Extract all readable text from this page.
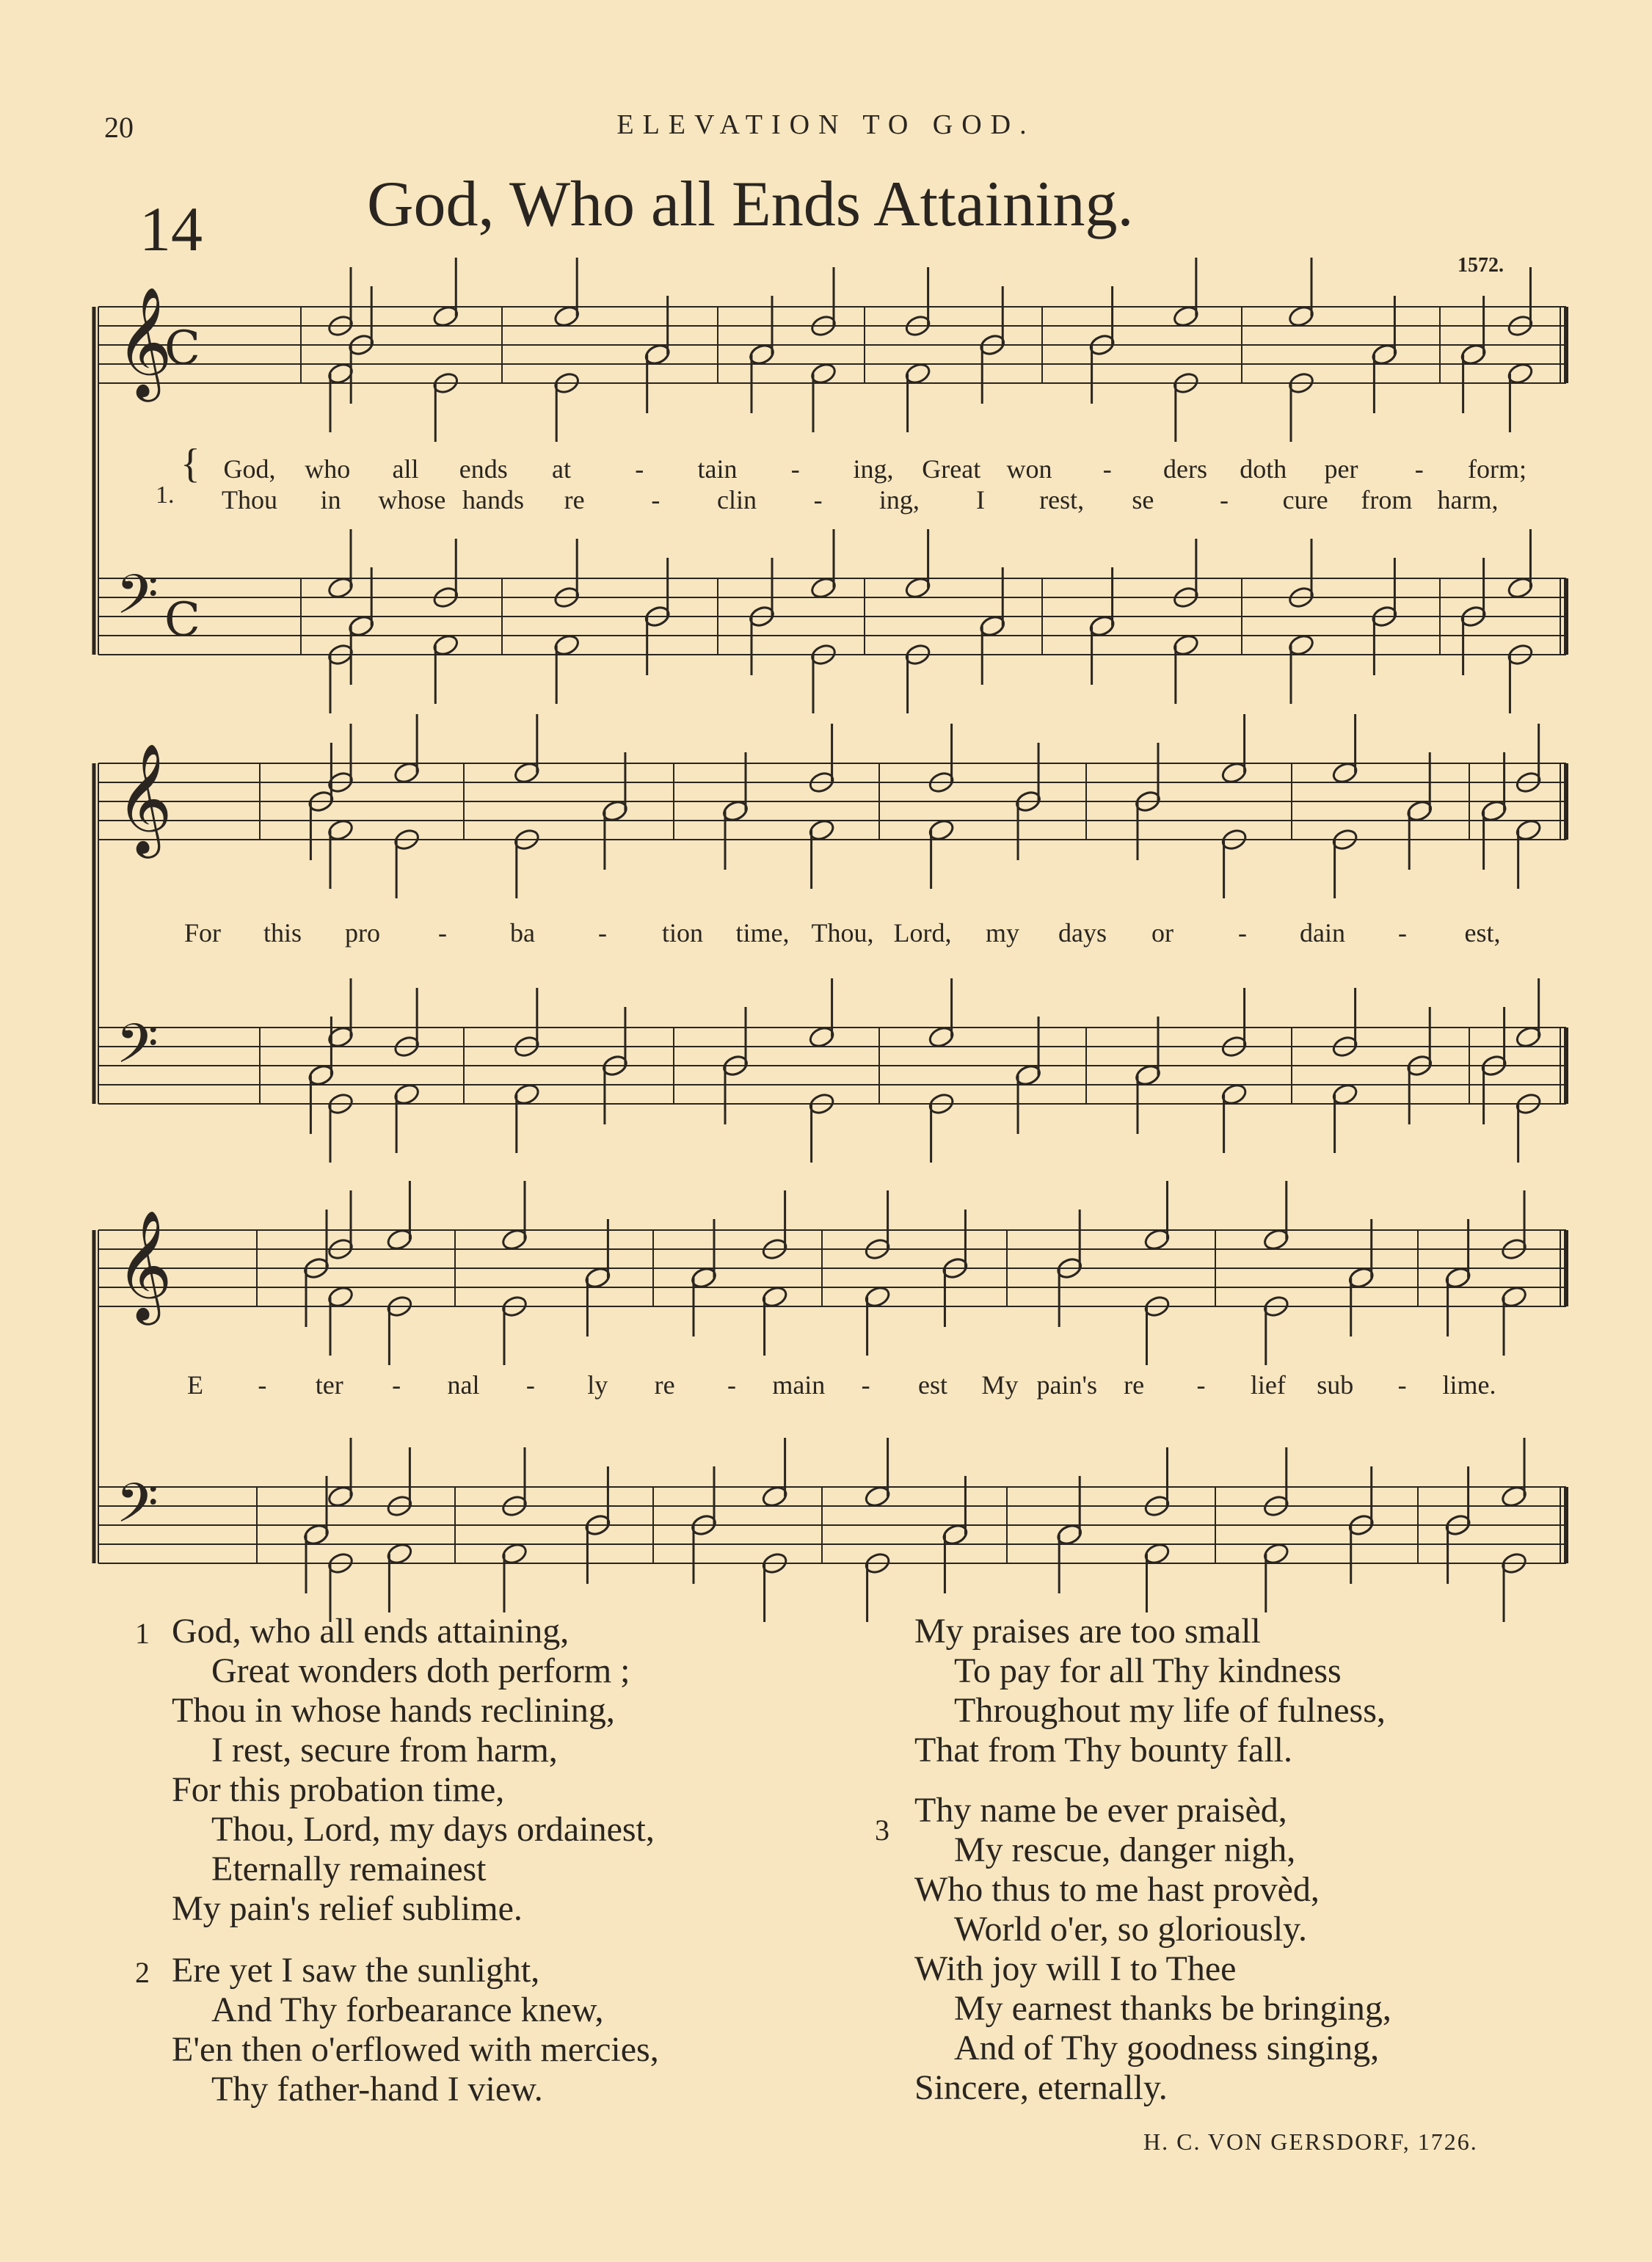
20	ELEVATION TO GOD.
14	God, Who all Ends Attaining.
1572.
𝄞
C
𝄢 C
𝄞
𝄢
𝄞
𝄢
1.
{ God, who all ends at - tain - ing, Great won - ders doth per - form;
Thou in whose hands re	- clin - ing, I rest, se - cure from harm,
For this pro - ba - tion time, Thou, Lord, my days or - dain - est,
E - ter - nal - ly re - main - est My pain's re - lief sub - lime.
1 God, who all ends attaining,
Great wonders doth perform ;
Thou in whose hands reclining,
I rest, secure from harm,
For this probation time,
Thou, Lord, my days ordainest,
Eternally remainest
My pain's relief sublime.
2 Ere yet I saw the sunlight,
And Thy forbearance knew,
E'en then o'erflowed with mercies,
Thy father-hand I view.
My praises are too small
To pay for all Thy kindness
Throughout my life of fulness,
That from Thy bounty fall.
3
Thy name be ever praisèd,
My rescue, danger nigh,
Who thus to me hast provèd,
World o'er, so gloriously.
With joy will I to Thee
My earnest thanks be bringing,
And of Thy goodness singing,
Sincere, eternally.
H. C. VON GERSDORF, 1726.
